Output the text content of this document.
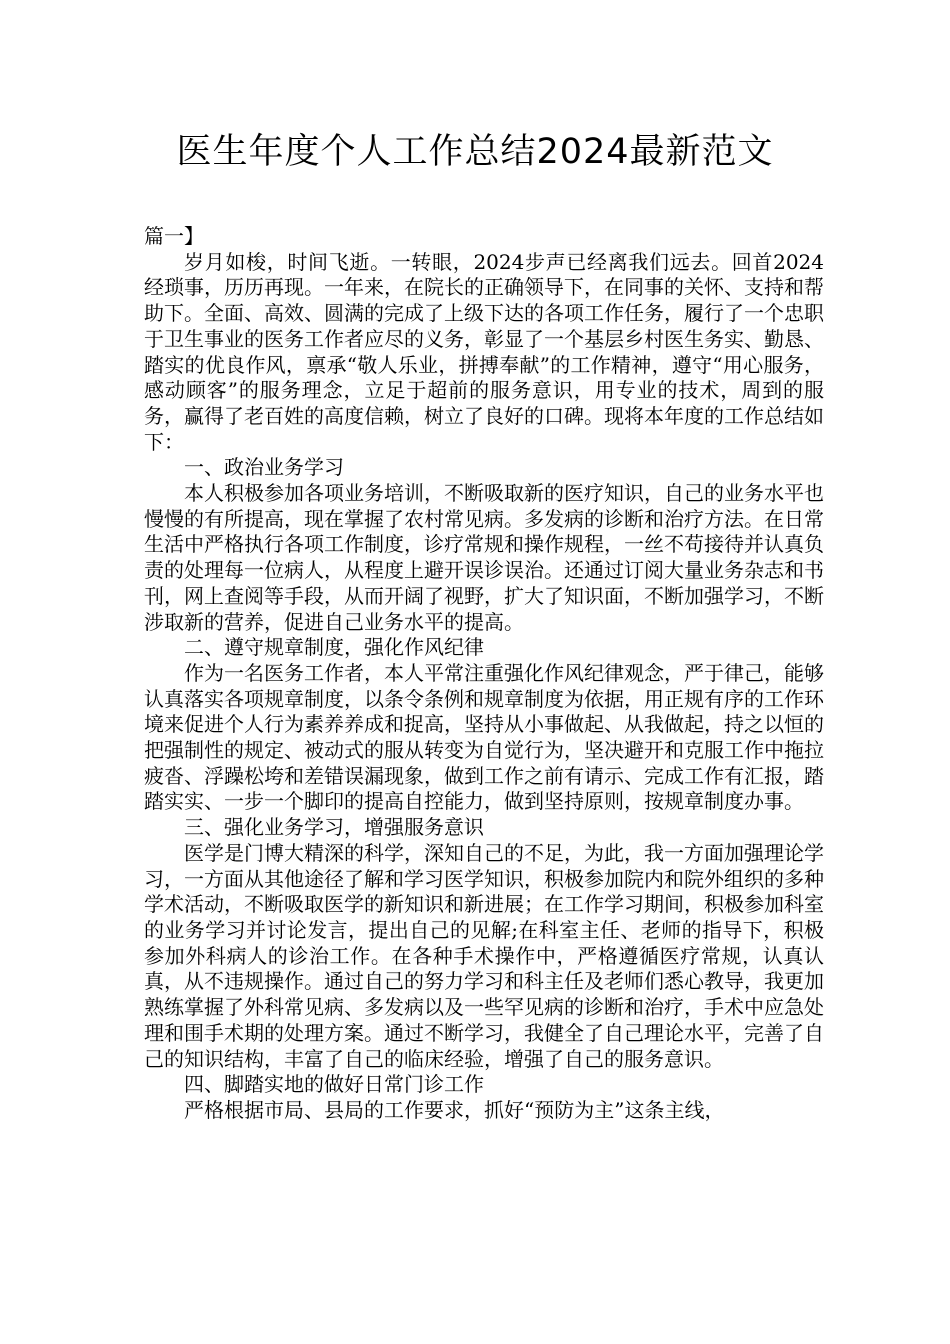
医生年度个人工作总结2024最新范文

篇一】

岁月如梭，时间飞逝。一转眼，2024步声已经离我们远去。回首2024经琐事，历历再现。一年来，在院长的正确领导下，在同事的关怀、支持和帮助下。全面、高效、圆满的完成了上级下达的各项工作任务，履行了一个忠职于卫生事业的医务工作者应尽的义务，彰显了一个基层乡村医生务实、勤恳、踏实的优良作风，禀承“敬人乐业，拼搏奉献”的工作精神，遵守“用心服务，感动顾客”的服务理念，立足于超前的服务意识，用专业的技术，周到的服务，赢得了老百姓的高度信赖，树立了良好的口碑。现将本年度的工作总结如下：

一、政治业务学习

本人积极参加各项业务培训，不断吸取新的医疗知识，自己的业务水平也慢慢的有所提高，现在掌握了农村常见病。多发病的诊断和治疗方法。在日常生活中严格执行各项工作制度，诊疗常规和操作规程，一丝不苟接待并认真负责的处理每一位病人，从程度上避开误诊误治。还通过订阅大量业务杂志和书刊，网上查阅等手段，从而开阔了视野，扩大了知识面，不断加强学习，不断涉取新的营养，促进自己业务水平的提高。

二、遵守规章制度，强化作风纪律

作为一名医务工作者，本人平常注重强化作风纪律观念，严于律己，能够认真落实各项规章制度，以条令条例和规章制度为依据，用正规有序的工作环境来促进个人行为素养养成和捉高，坚持从小事做起、从我做起，持之以恒的把强制性的规定、被动式的服从转变为自觉行为，坚决避开和克服工作中拖拉疲沓、浮躁松垮和差错误漏现象，做到工作之前有请示、完成工作有汇报，踏踏实实、一步一个脚印的提高自控能力，做到坚持原则，按规章制度办事。

三、强化业务学习，增强服务意识

医学是门博大精深的科学，深知自己的不足，为此，我一方面加强理论学习，一方面从其他途径了解和学习医学知识，积极参加院内和院外组织的多种学术活动，不断吸取医学的新知识和新进展；在工作学习期间，积极参加科室的业务学习并讨论发言，提出自己的见解;在科室主任、老师的指导下，积极参加外科病人的诊治工作。在各种手术操作中，严格遵循医疗常规，认真认真，从不违规操作。通过自己的努力学习和科主任及老师们悉心教导，我更加熟练掌握了外科常见病、多发病以及一些罕见病的诊断和治疗，手术中应急处理和围手术期的处理方案。通过不断学习，我健全了自己理论水平，完善了自己的知识结构，丰富了自己的临床经验，增强了自己的服务意识。

四、脚踏实地的做好日常门诊工作

严格根据市局、县局的工作要求，抓好“预防为主”这条主线，
